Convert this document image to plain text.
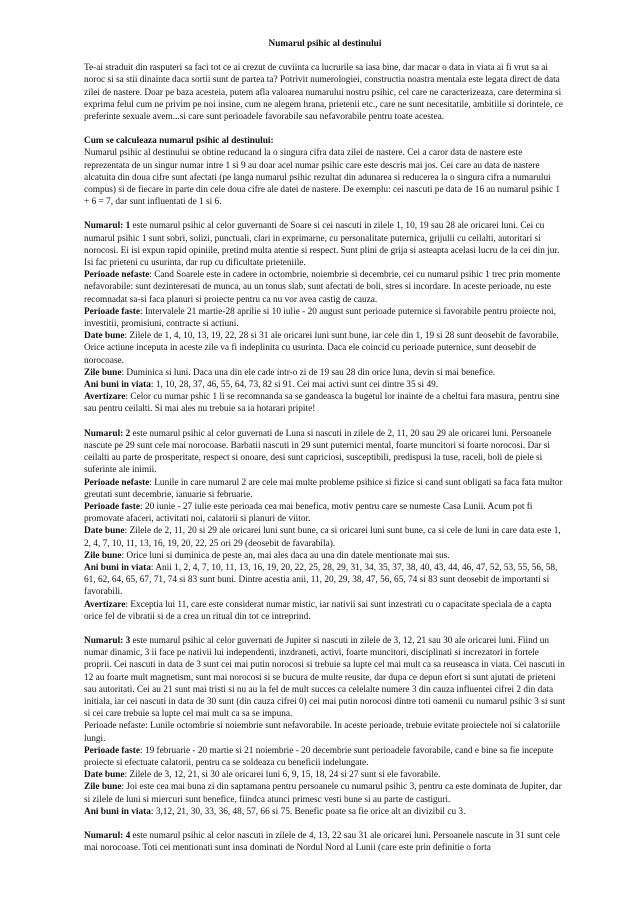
Numarul psihic al destinului

Te-ai straduit din rasputeri sa faci tot ce ai crezut de cuviinta ca lucrurile sa iasa bine, dar macar o data in viata ai fi vrut sa ai noroc si sa stii dinainte daca sortii sunt de partea ta? Potrivit numerologiei, constructia noastra mentala este legata direct de data zilei de nastere. Doar pe baza acesteia, putem afla valoarea numarului nostru psihic, cel care ne caracterizeaza, care determina si exprima felul cum ne privim pe noi insine, cum ne alegem hrana, prietenii etc., care ne sunt necesitatile, ambitiile si dorintele, ce preferinte sexuale avem...si care sunt perioadele favorabile sau nefavorabile pentru toate acestea.

Cum se calculeaza numarul psihic al destinului:
Numarul psihic al destinului se obtine reducand la o singura cifra data zilei de nastere. Cei a caror data de nastere este reprezentata de un singur numar intre 1 si 9 au doar acel numar psihic care este descris mai jos. Cei care au data de nastere alcatuita din doua cifre sunt afectati (pe langa numarul psihic rezultat din adunarea si reducerea la o singura cifra a numarului compus) si de fiecare in parte din cele doua cifre ale datei de nastere. De exemplu: cei nascuti pe data de 16 au numarul psihic 1 + 6 = 7, dar sunt influentati de 1 si 6.
Numarul: 1 este numarul psihic al celor guvernanti de Soare si cei nascuti in zilele 1, 10, 19 sau 28 ale oricarei luni. Cei cu numarul psihic 1 sunt sobri, solizi, punctuali, clari in exprimarne, cu personalitate puternica, grijulii cu ceilalti, autoritari si norocosi. Ei isi expun rapid opiniile, pretind multa atentie si respect. Sunt plini de grija si asteapta acelasi lucru de la cei din jur. Isi fac prieteni cu usurinta, dar rup cu dificultate prieteniile.
Perioade nefaste: Cand Soarele este in cadere in octombrie, noiembrie si decembrie, cei cu numarul psihic 1 trec prin momente nefavorabile: sunt dezinteresati de munca, au un tonus slab, sunt afectati de boli, stres si incordare. In aceste perioade, nu este recomnadat sa-si faca planuri si proiecte pentru ca nu vor avea castig de cauza.
Perioade faste: Intervalele 21 martie-28 aprilie si 10 iulie - 20 august sunt perioade puternice si favorabile pentru proiecte noi, investitii, promisiuni, contracte si actiuni.
Date bune: Zilele de 1, 4, 10, 13, 19, 22, 28 si 31 ale oricarei luni sunt bune, iar cele din 1, 19 si 28 sunt deosebit de favorabile. Orice actiune inceputa in aceste zile va fi indeplinita cu usurinta. Daca ele coincid cu perioade puternice, sunt deosebit de norocoase.
Zile bune: Duminica si luni. Daca una din ele cade intr-o zi de 19 sau 28 din orice luna, devin si mai benefice.
Ani buni in viata: 1, 10, 28, 37, 46, 55, 64, 73, 82 si 91. Cei mai activi sunt cei dintre 35 si 49.
Avertizare: Celor cu numar pshic 1 li se recomnanda sa se gandeasca la bugetul lor inainte de a cheltui fara masura, pentru sine sau pentru ceilalti. Si mai ales nu trebuie sa ia hotarari pripite!
Numarul: 2 este numarul psihic al celor guvernati de Luna si nascuti in zilele de 2, 11, 20 sau 29 ale oricarei luni. Persoanele nascute pe 29 sunt cele mai norocoase. Barbatii nascuti in 29 sunt puternici mental, foarte muncitori si foarte norocosi. Dar si ceilalti au parte de prosperitate, respect si onoare, desi sunt capriciosi, susceptibili, predispusi la tuse, raceli, boli de piele si suferinte ale inimii.
Perioade nefaste: Lunile in care numarul 2 are cele mai multe probleme psihice si fizice si cand sunt obligati sa faca fata multor greutati sunt decembrie, ianuarie si februarie.
Perioade faste: 20 iunie - 27 iulie este perioada cea mai benefica, motiv pentru care se numeste Casa Lunii. Acum pot fi promovate afaceri, activitati noi, calatorii si planuri de viitor.
Date bune: Zilele de 2, 11, 20 si 29 ale oricarei luni sunt bune, ca si oricarei luni sunt bune, ca si cele de luni in care data este 1, 2, 4, 7, 10, 11, 13, 16, 19, 20, 22, 25 ori 29 (deosebit de favarabila).
Zile bune: Orice luni si duminica de peste an, mai ales daca au una din datele mentionate mai sus.
Ani buni in viata: Anii 1, 2, 4, 7, 10, 11, 13, 16, 19, 20, 22, 25, 28, 29, 31, 34, 35, 37, 38, 40, 43, 44, 46, 47, 52, 53, 55, 56, 58, 61, 62, 64, 65, 67, 71, 74 si 83 sunt buni. Dintre acestia anii, 11, 20, 29, 38, 47, 56, 65, 74 si 83 sunt deosebit de importanti si favorabili.
Avertizare: Exceptia lui 11, care este considerat numar mistic, iar nativii sai sunt inzestrati cu o capacitate speciala de a capta orice fel de vibratii si de a crea un ritual din tot ce intreprind.
Numarul: 3 este numarul psihic al celor guvernati de Jupiter si nascuti in zilele de 3, 12, 21 sau 30 ale oricarei luni. Fiind un numar dinamic, 3 ii face pe nativii lui independenti, inzdraneti, activi, foarte muncitori, disciplinati si increzatori in fortele proprii. Cei nascuti in data de 3 sunt cei mai putin norocosi si trebuie sa lupte cel mai mult ca sa reuseasca in viata. Cei nascuti in 12 au foarte mult magnetism, sunt mai norocosi si se bucura de multe reusite, dar dupa ce depun efort si sunt ajutati de prieteni sau autoritati. Cei au 21 sunt mai tristi si nu au la fel de mult succes ca celelalte numere 3 din cauza influentei cifrei 2 din data initiala, iar cei nascuti in data de 30 sunt (din cauza cifrei 0) cei mai putin norocosi dintre toti oamenii cu numarul psihic 3 si sunt si cei care trebuie sa lupte cel mai mult ca sa se impuna.
Perioade nefaste: Lunile octombrie si noiembrie sunt nefavorabile. In aceste perioade, trebuie evitate proiectele noi si calatoriile lungi.
Perioade faste: 19 februarie - 20 martie si 21 noiembrie - 20 decembrie sunt perioadele favorabile, cand e bine sa fie incepute proiecte si efectuate calatorii, pentru ca se soldeaza cu beneficii indelungate.
Date bune: Zilele de 3, 12, 21, si 30 ale oricarei luni 6, 9, 15, 18, 24 si 27 sunt si ele favorabile.
Zile bune: Joi este cea mai buna zi din saptamana pentru persoanele cu numarul psihic 3, pentru ca este dominata de Jupiter, dar si zilele de luni si miercuri sunt benefice, fiindca atunci primesc vesti bune si au parte de castiguri.
Ani buni in viata: 3,12, 21, 30, 33, 36, 48, 57, 66 si 75. Benefic poate sa fie orice alt an divizibil cu 3.
Numarul: 4 este numarul psihic al celor nascuti in zilele de 4, 13, 22 sau 31 ale oricarei luni. Persoanele nascute in 31 sunt cele mai norocoase. Toti cei mentionati sunt insa dominati de Nordul Nord al Lunii (care este prin definitie o forta
